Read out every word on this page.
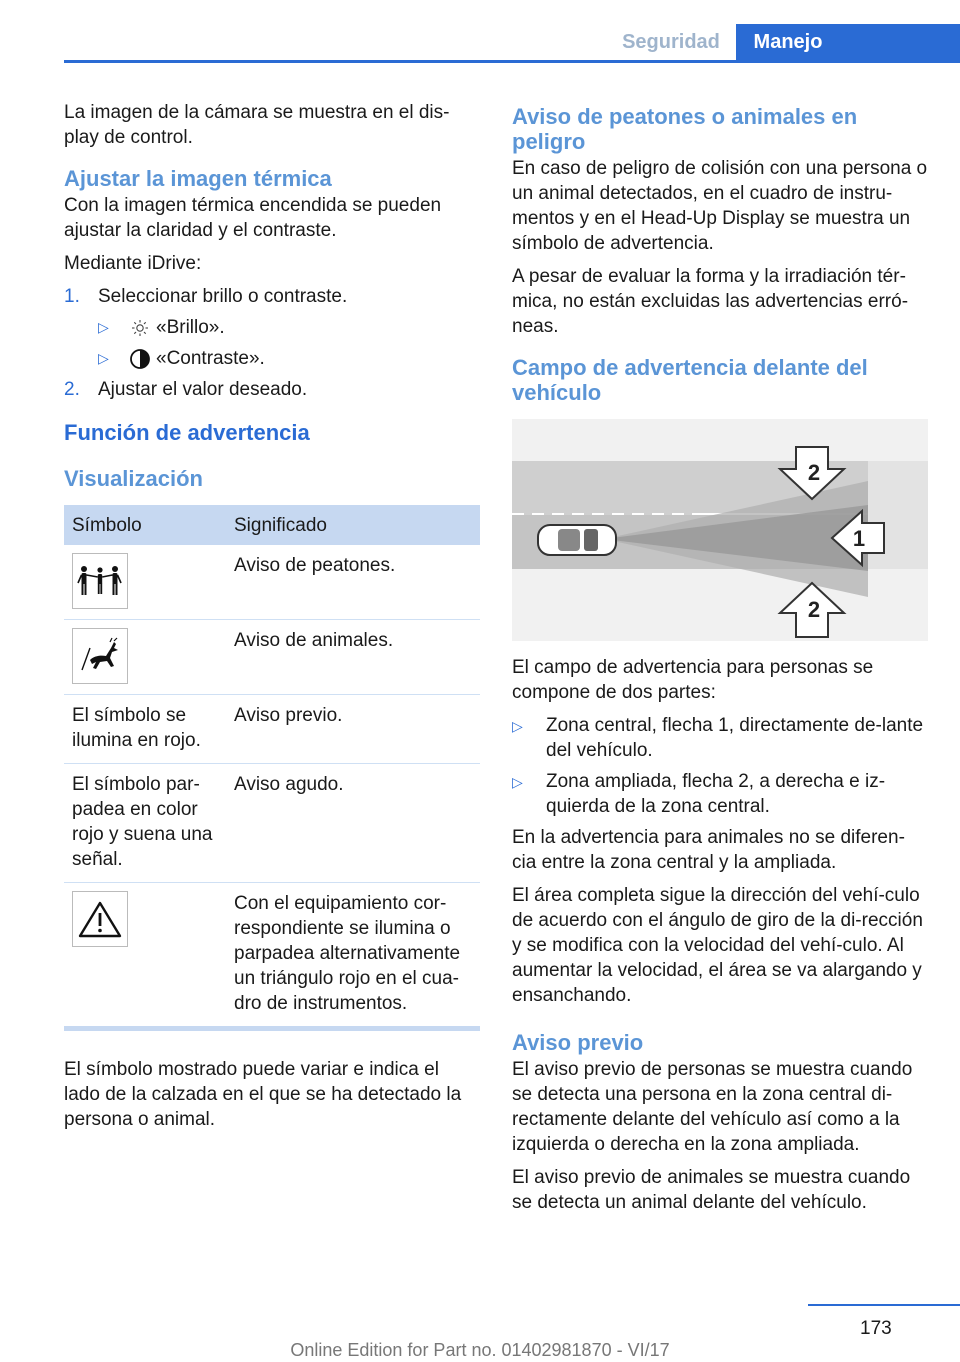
Seguridad	Manejo

La imagen de la cámara se muestra en el dis-play de control.

Ajustar la imagen térmica

Con la imagen térmica encendida se pueden ajustar la claridad y el contraste.

Mediante iDrive:

1. Seleccionar brillo o contraste.
▷	«Brillo».
▷	«Contraste».
2. Ajustar el valor deseado.
Función de advertencia
Visualización
Símbolo	Significado

	Aviso de peatones.

	Aviso de animales.
El símbolo se ilumina en rojo.	Aviso previo.
El símbolo par-padea en color rojo y suena una señal.	Aviso agudo.

	Con el equipamiento cor-respondiente se ilumina o parpadea alternativamente un triángulo rojo en el cua-dro de instrumentos.

El símbolo mostrado puede variar e indica el lado de la calzada en el que se ha detectado la persona o animal.

Aviso de peatones o animales en peligro

En caso de peligro de colisión con una persona o un animal detectados, en el cuadro de instru-mentos y en el Head-Up Display se muestra un símbolo de advertencia.

A pesar de evaluar la forma y la irradiación tér-mica, no están excluidas las advertencias erró-neas.

Campo de advertencia delante del vehículo
2
1
2

El campo de advertencia para personas se compone de dos partes:

▷	Zona central, flecha 1, directamente de-lante del vehículo.
▷	Zona ampliada, flecha 2, a derecha e iz-quierda de la zona central.

En la advertencia para animales no se diferen-cia entre la zona central y la ampliada.

El área completa sigue la dirección del vehí-culo de acuerdo con el ángulo de giro de la di-rección y se modifica con la velocidad del vehí-culo. Al aumentar la velocidad, el área se va alargando y ensanchando.

Aviso previo

El aviso previo de personas se muestra cuando se detecta una persona en la zona central di-rectamente delante del vehículo así como a la izquierda o derecha en la zona ampliada.

El aviso previo de animales se muestra cuando se detecta un animal delante del vehículo.

173
Online Edition for Part no. 01402981870 - VI/17
